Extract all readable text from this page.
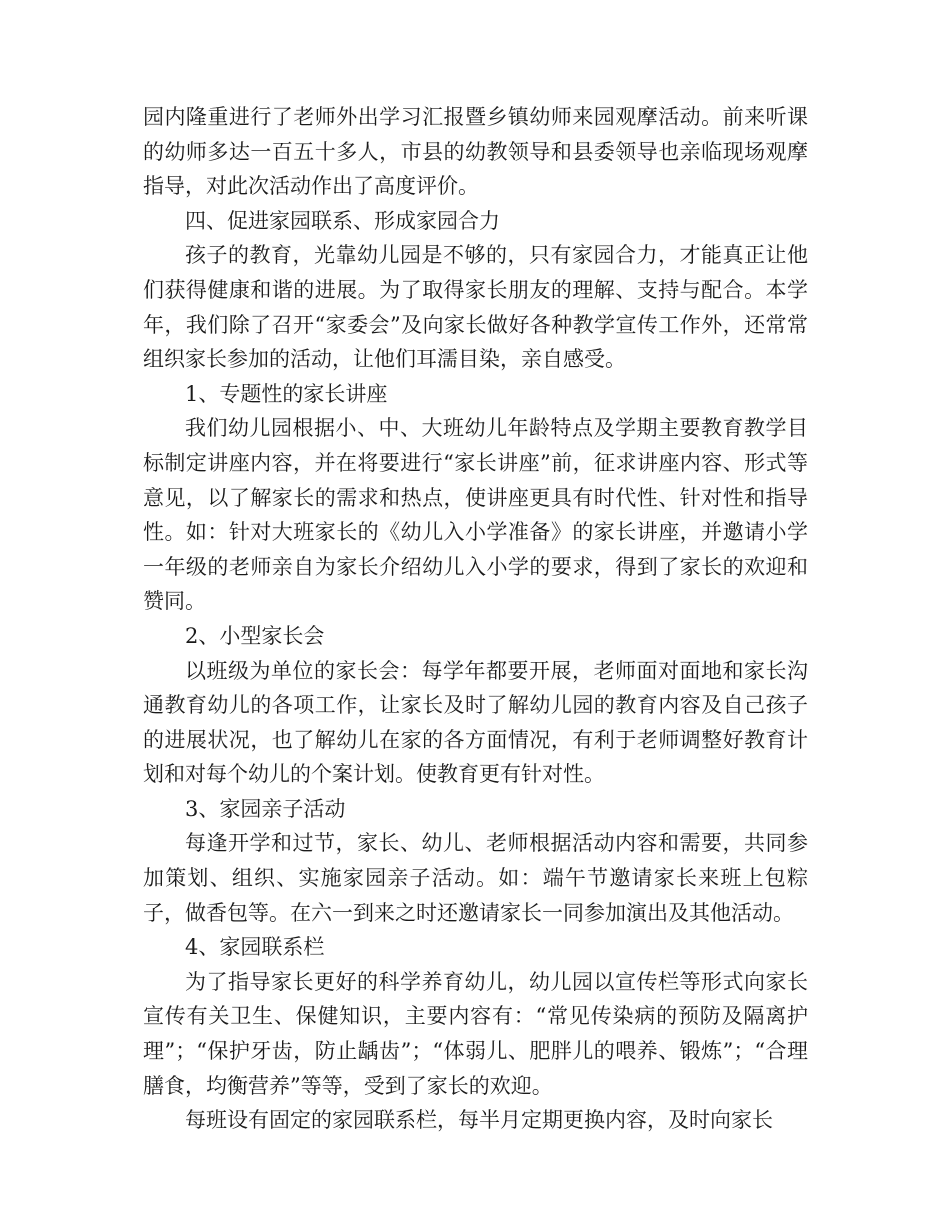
园内隆重进行了老师外出学习汇报暨乡镇幼师来园观摩活动。前来听课的幼师多达一百五十多人，市县的幼教领导和县委领导也亲临现场观摩指导，对此次活动作出了高度评价。

四、促进家园联系、形成家园合力

孩子的教育，光靠幼儿园是不够的，只有家园合力，才能真正让他们获得健康和谐的进展。为了取得家长朋友的理解、支持与配合。本学年，我们除了召开“家委会”及向家长做好各种教学宣传工作外，还常常组织家长参加的活动，让他们耳濡目染，亲自感受。

1、专题性的家长讲座

我们幼儿园根据小、中、大班幼儿年龄特点及学期主要教育教学目标制定讲座内容，并在将要进行“家长讲座”前，征求讲座内容、形式等意见，以了解家长的需求和热点，使讲座更具有时代性、针对性和指导性。如：针对大班家长的《幼儿入小学准备》的家长讲座，并邀请小学一年级的老师亲自为家长介绍幼儿入小学的要求，得到了家长的欢迎和赞同。

2、小型家长会

以班级为单位的家长会：每学年都要开展，老师面对面地和家长沟通教育幼儿的各项工作，让家长及时了解幼儿园的教育内容及自己孩子的进展状况，也了解幼儿在家的各方面情况，有利于老师调整好教育计划和对每个幼儿的个案计划。使教育更有针对性。

3、家园亲子活动

每逢开学和过节，家长、幼儿、老师根据活动内容和需要，共同参加策划、组织、实施家园亲子活动。如：端午节邀请家长来班上包粽子，做香包等。在六一到来之时还邀请家长一同参加演出及其他活动。

4、家园联系栏

为了指导家长更好的科学养育幼儿，幼儿园以宣传栏等形式向家长宣传有关卫生、保健知识，主要内容有：“常见传染病的预防及隔离护理”；“保护牙齿，防止龋齿”；“体弱儿、肥胖儿的喂养、锻炼”；“合理膳食，均衡营养”等等，受到了家长的欢迎。

每班设有固定的家园联系栏，每半月定期更换内容，及时向家长
